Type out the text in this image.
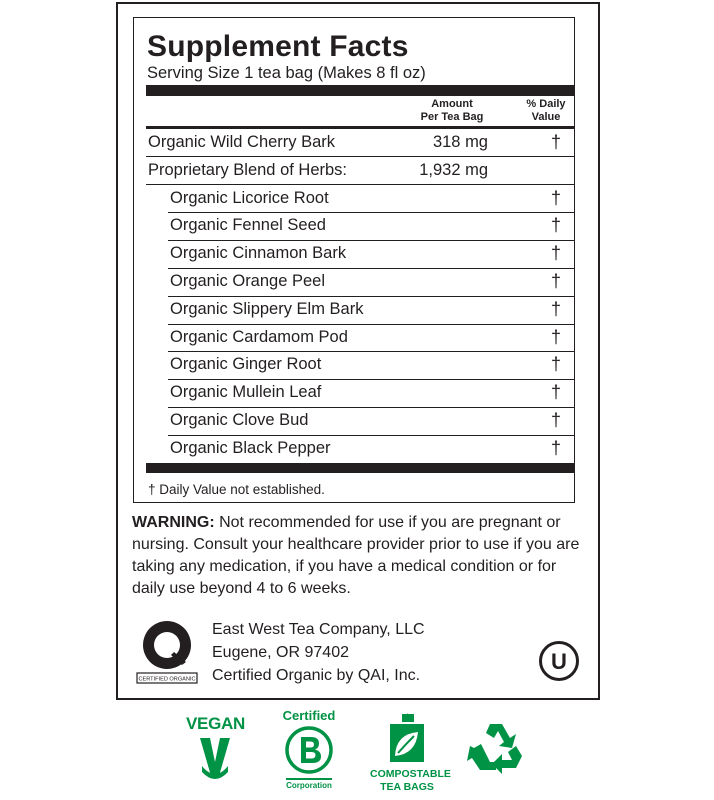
Supplement Facts
Serving Size 1 tea bag (Makes 8 fl oz)
Amount
Per Tea Bag
% Daily
Value
Organic Wild Cherry Bark	318 mg	†
Proprietary Blend of Herbs:	1,932 mg
Organic Licorice Root	†
Organic Fennel Seed	†
Organic Cinnamon Bark	†
Organic Orange Peel	†
Organic Slippery Elm Bark	†
Organic Cardamom Pod	†
Organic Ginger Root	†
Organic Mullein Leaf	†
Organic Clove Bud	†
Organic Black Pepper	†
† Daily Value not established.
WARNING: Not recommended for use if you are pregnant or nursing. Consult your healthcare provider prior to use if you are taking any medication, if you have a medical condition or for daily use beyond 4 to 6 weeks.
CERTIFIED ORGANIC
East West Tea Company, LLC
Eugene, OR 97402
Certified Organic by QAI, Inc.
U
VEGAN	Certified
Corporation
COMPOSTABLE
TEA BAGS
